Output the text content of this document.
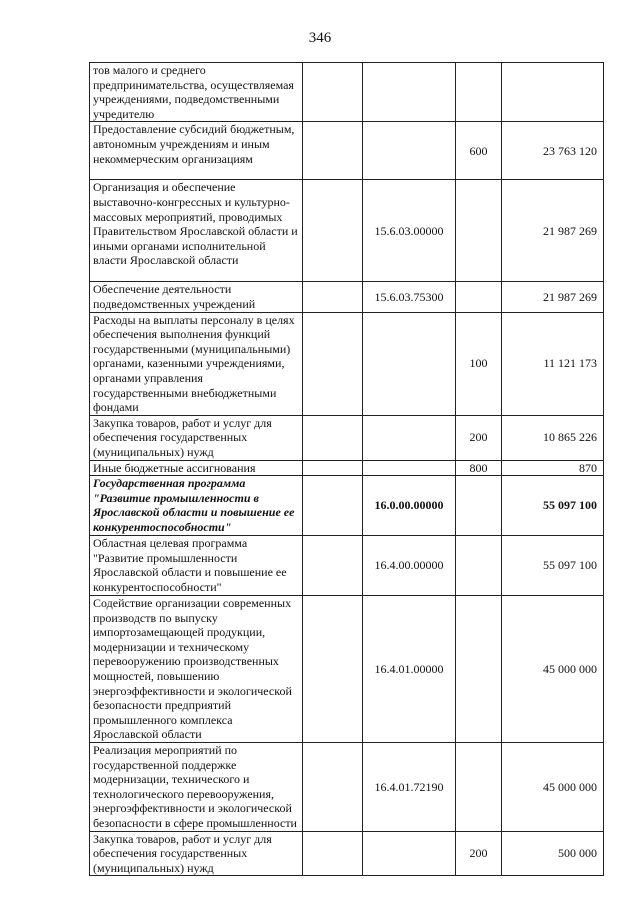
346
тов малого и среднего предпринимательства, осуществляемая учреждениями, подведомственными учредителю				
Предоставление субсидий бюджетным, автономным учреждениям и иным некоммерческим организациям			600	23 763 120
Организация и обеспечение выставочно-конгрессных и культурно-массовых мероприятий, проводимых Правительством Ярославской области и иными органами исполнительной власти Ярославской области		15.6.03.00000		21 987 269
Обеспечение деятельности подведомственных учреждений		15.6.03.75300		21 987 269
Расходы на выплаты персоналу в целях обеспечения выполнения функций государственными (муниципальными) органами, казенными учреждениями, органами управления государственными внебюджетными фондами			100	11 121 173
Закупка товаров, работ и услуг для обеспечения государственных (муниципальных) нужд			200	10 865 226
Иные бюджетные ассигнования			800	870
Государственная программа "Развитие промышленности в Ярославской области и повышение ее конкурентоспособности"		16.0.00.00000		55 097 100
Областная целевая программа "Развитие промышленности Ярославской области и повышение ее конкурентоспособности"		16.4.00.00000		55 097 100
Содействие организации современных производств по выпуску импортозамещающей продукции, модернизации и техническому перевооружению производственных мощностей, повышению энергоэффективности и экологической безопасности предприятий промышленного комплекса Ярославской области		16.4.01.00000		45 000 000
Реализация мероприятий по государственной поддержке модернизации, технического и технологического перевооружения, энергоэффективности и экологической безопасности в сфере промышленности		16.4.01.72190		45 000 000
Закупка товаров, работ и услуг для обеспечения государственных (муниципальных) нужд			200	500 000
